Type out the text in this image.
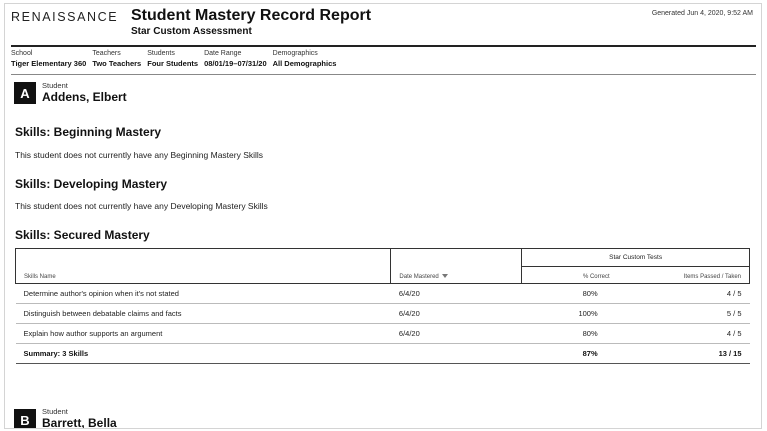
RENAISSANCE Student Mastery Record Report
Star Custom Assessment
Generated Jun 4, 2020, 9:52 AM
School
Tiger Elementary 360
Teachers
Two Teachers
Students
Four Students
Date Range
08/01/19–07/31/20
Demographics
All Demographics
A	Student
Addens, Elbert
Skills: Beginning Mastery
This student does not currently have any Beginning Mastery Skills
Skills: Developing Mastery
This student does not currently have any Developing Mastery Skills
Skills: Secured Mastery
Skills Name	Date Mastered	Star Custom Tests	
		% Correct	Items Passed / Taken
Determine author's opinion when it's not stated	6/4/20	80%	4 / 5
Distinguish between debatable claims and facts	6/4/20	100%	5 / 5
Explain how author supports an argument	6/4/20	80%	4 / 5
Summary: 3 Skills		87%	13 / 15
B
Student
Barrett, Bella
